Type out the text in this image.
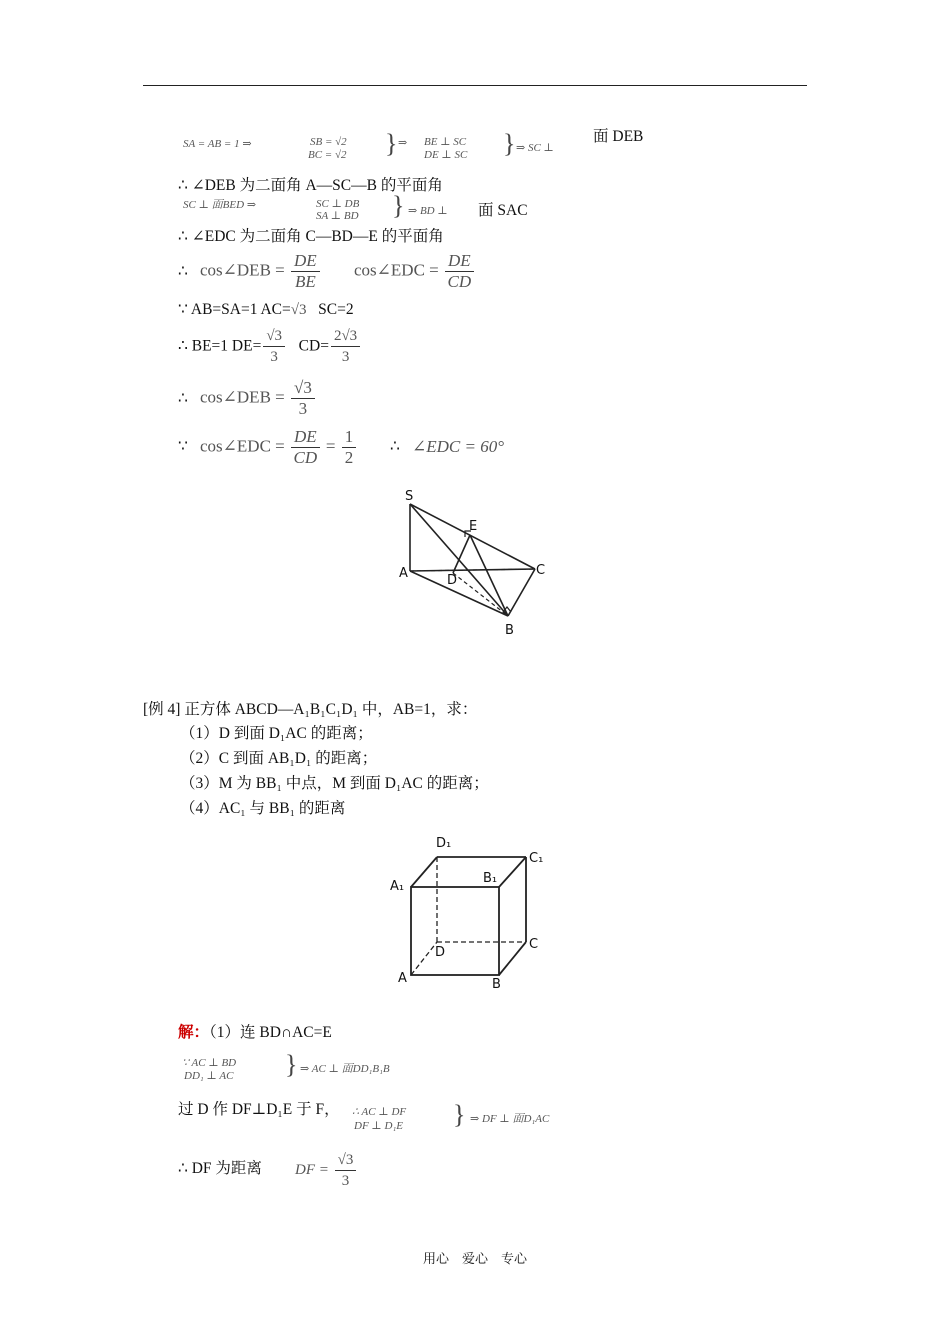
SA = AB = 1 ⇒	SB = √2
BC = √2 } ⇒ BE ⊥ SC
DE ⊥ SC } ⇒ SC ⊥
面 DEB
∴ ∠DEB 为二面角 A—SC—B 的平面角
SC ⊥ 面BED ⇒	SC ⊥ DB
SA ⊥ BD } ⇒ BD ⊥ 面 SAC
∴ ∠EDC 为二面角 C—BD—E 的平面角
∴ cos∠DEB = $\frac{DE}{BE}$ cos∠EDC = $\frac{DE}{CD}$
∵ AB=SA=1 AC=√3 SC=2
∴ BE=1 $DE= \frac{√3}{3} CD= \frac{2√3}{3}$
∴ cos∠DEB = $\frac{√3}{3}$
∵ cos∠EDC = $\frac{DE}{CD} = \frac{1}{2}$ ∴ ∠EDC = 60°
S
E
A	D
C
B
[例 4] 正方体 ABCD—A₁B₁C₁D₁ 中，AB=1，求：
（1）D 到面 D₁AC 的距离；
（2）C 到面 AB₁D₁ 的距离；
（3）M 为 BB₁ 中点，M 到面 D₁AC 的距离；
（4）AC₁ 与 BB₁ 的距离
D₁
C₁
A₁
B₁
D
C
A	B
解：（1）连 BD∩AC=E
∵ AC ⊥ BD
DD₁ ⊥ AC } ⇒ AC ⊥ 面DD₁B₁B
过 D 作 DF⊥D₁E 于 F， ∴ AC ⊥ DF
DF ⊥ D₁E } ⇒ DF ⊥ 面D₁AC
∴ DF 为距离 DF = $\frac{√3}{3}$
用心　爱心　专心
